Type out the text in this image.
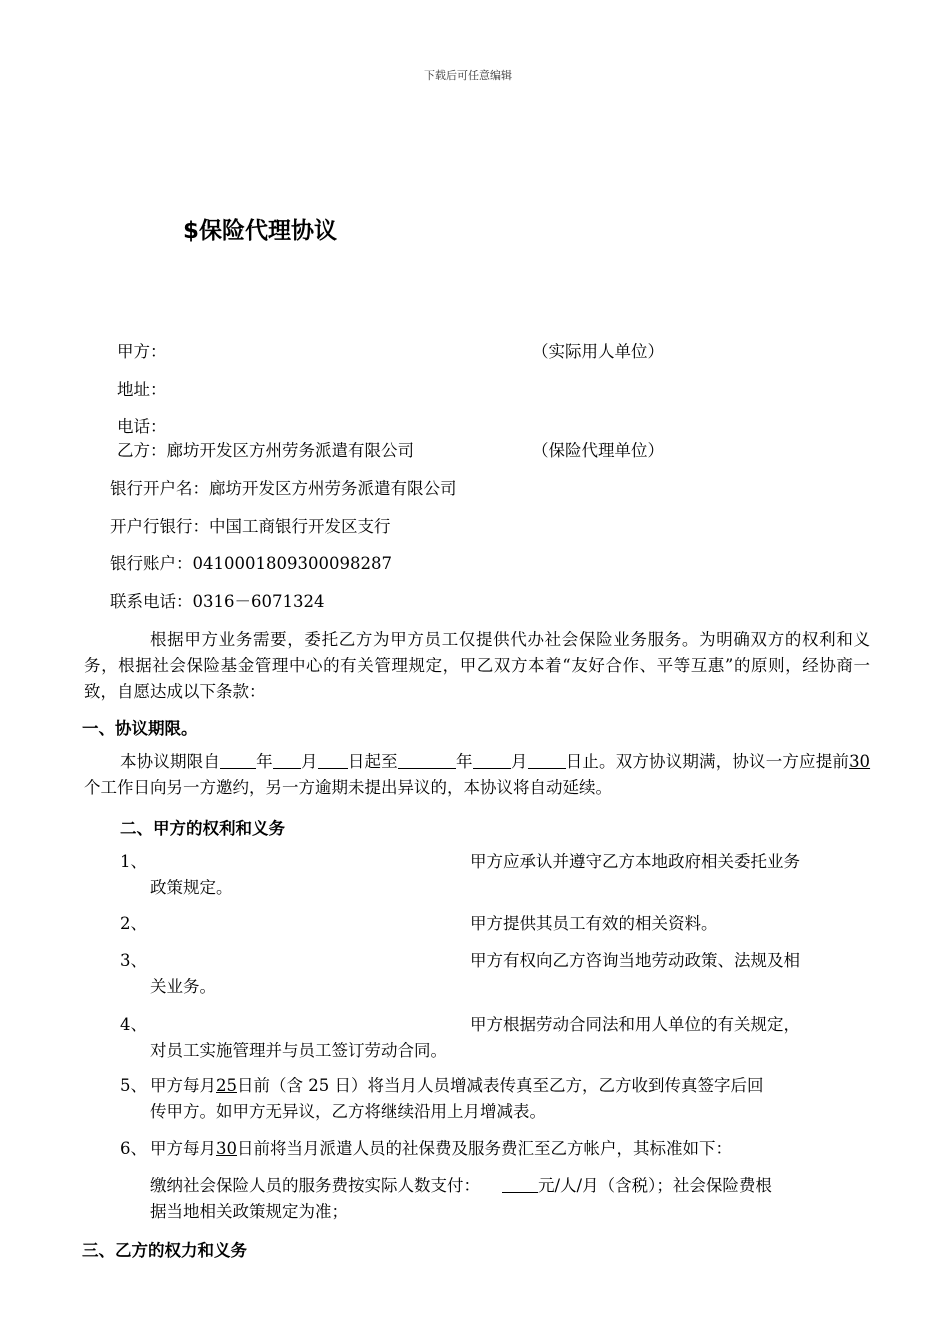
下载后可任意编辑
$保险代理协议
甲方：	（实际用人单位）
地址：
电话：
乙方：廊坊开发区方州劳务派遣有限公司	（保险代理单位）
银行开户名：廊坊开发区方州劳务派遣有限公司
开户行银行：中国工商银行开发区支行
银行账户：0410001809300098287
联系电话：0316－6071324
根据甲方业务需要，委托乙方为甲方员工仅提供代办社会保险业务服务。为明确双方的权利和义务，根据社会保险基金管理中心的有关管理规定，甲乙双方本着“友好合作、平等互惠”的原则，经协商一致，自愿达成以下条款：
一、协议期限。
本协议期限自 年 月 日起至	年 月 日止。双方协议期满，协议一方应提前30个工作日向另一方邀约，另一方逾期未提出异议的，本协议将自动延续。
二、甲方的权利和义务
1、	甲方应承认并遵守乙方本地政府相关委托业务
政策规定。
2、	甲方提供其员工有效的相关资料。
3、	甲方有权向乙方咨询当地劳动政策、法规及相
关业务。
4、	甲方根据劳动合同法和用人单位的有关规定，
对员工实施管理并与员工签订劳动合同。
5、 甲方每月25日前（含 25 日）将当月人员增减表传真至乙方，乙方收到传真签字后回
传甲方。如甲方无异议，乙方将继续沿用上月增减表。
6、 甲方每月30日前将当月派遣人员的社保费及服务费汇至乙方帐户，其标准如下：
缴纳社会保险人员的服务费按实际人数支付：	元/人/月（含税）；社会保险费根
据当地相关政策规定为准；
三、乙方的权力和义务
